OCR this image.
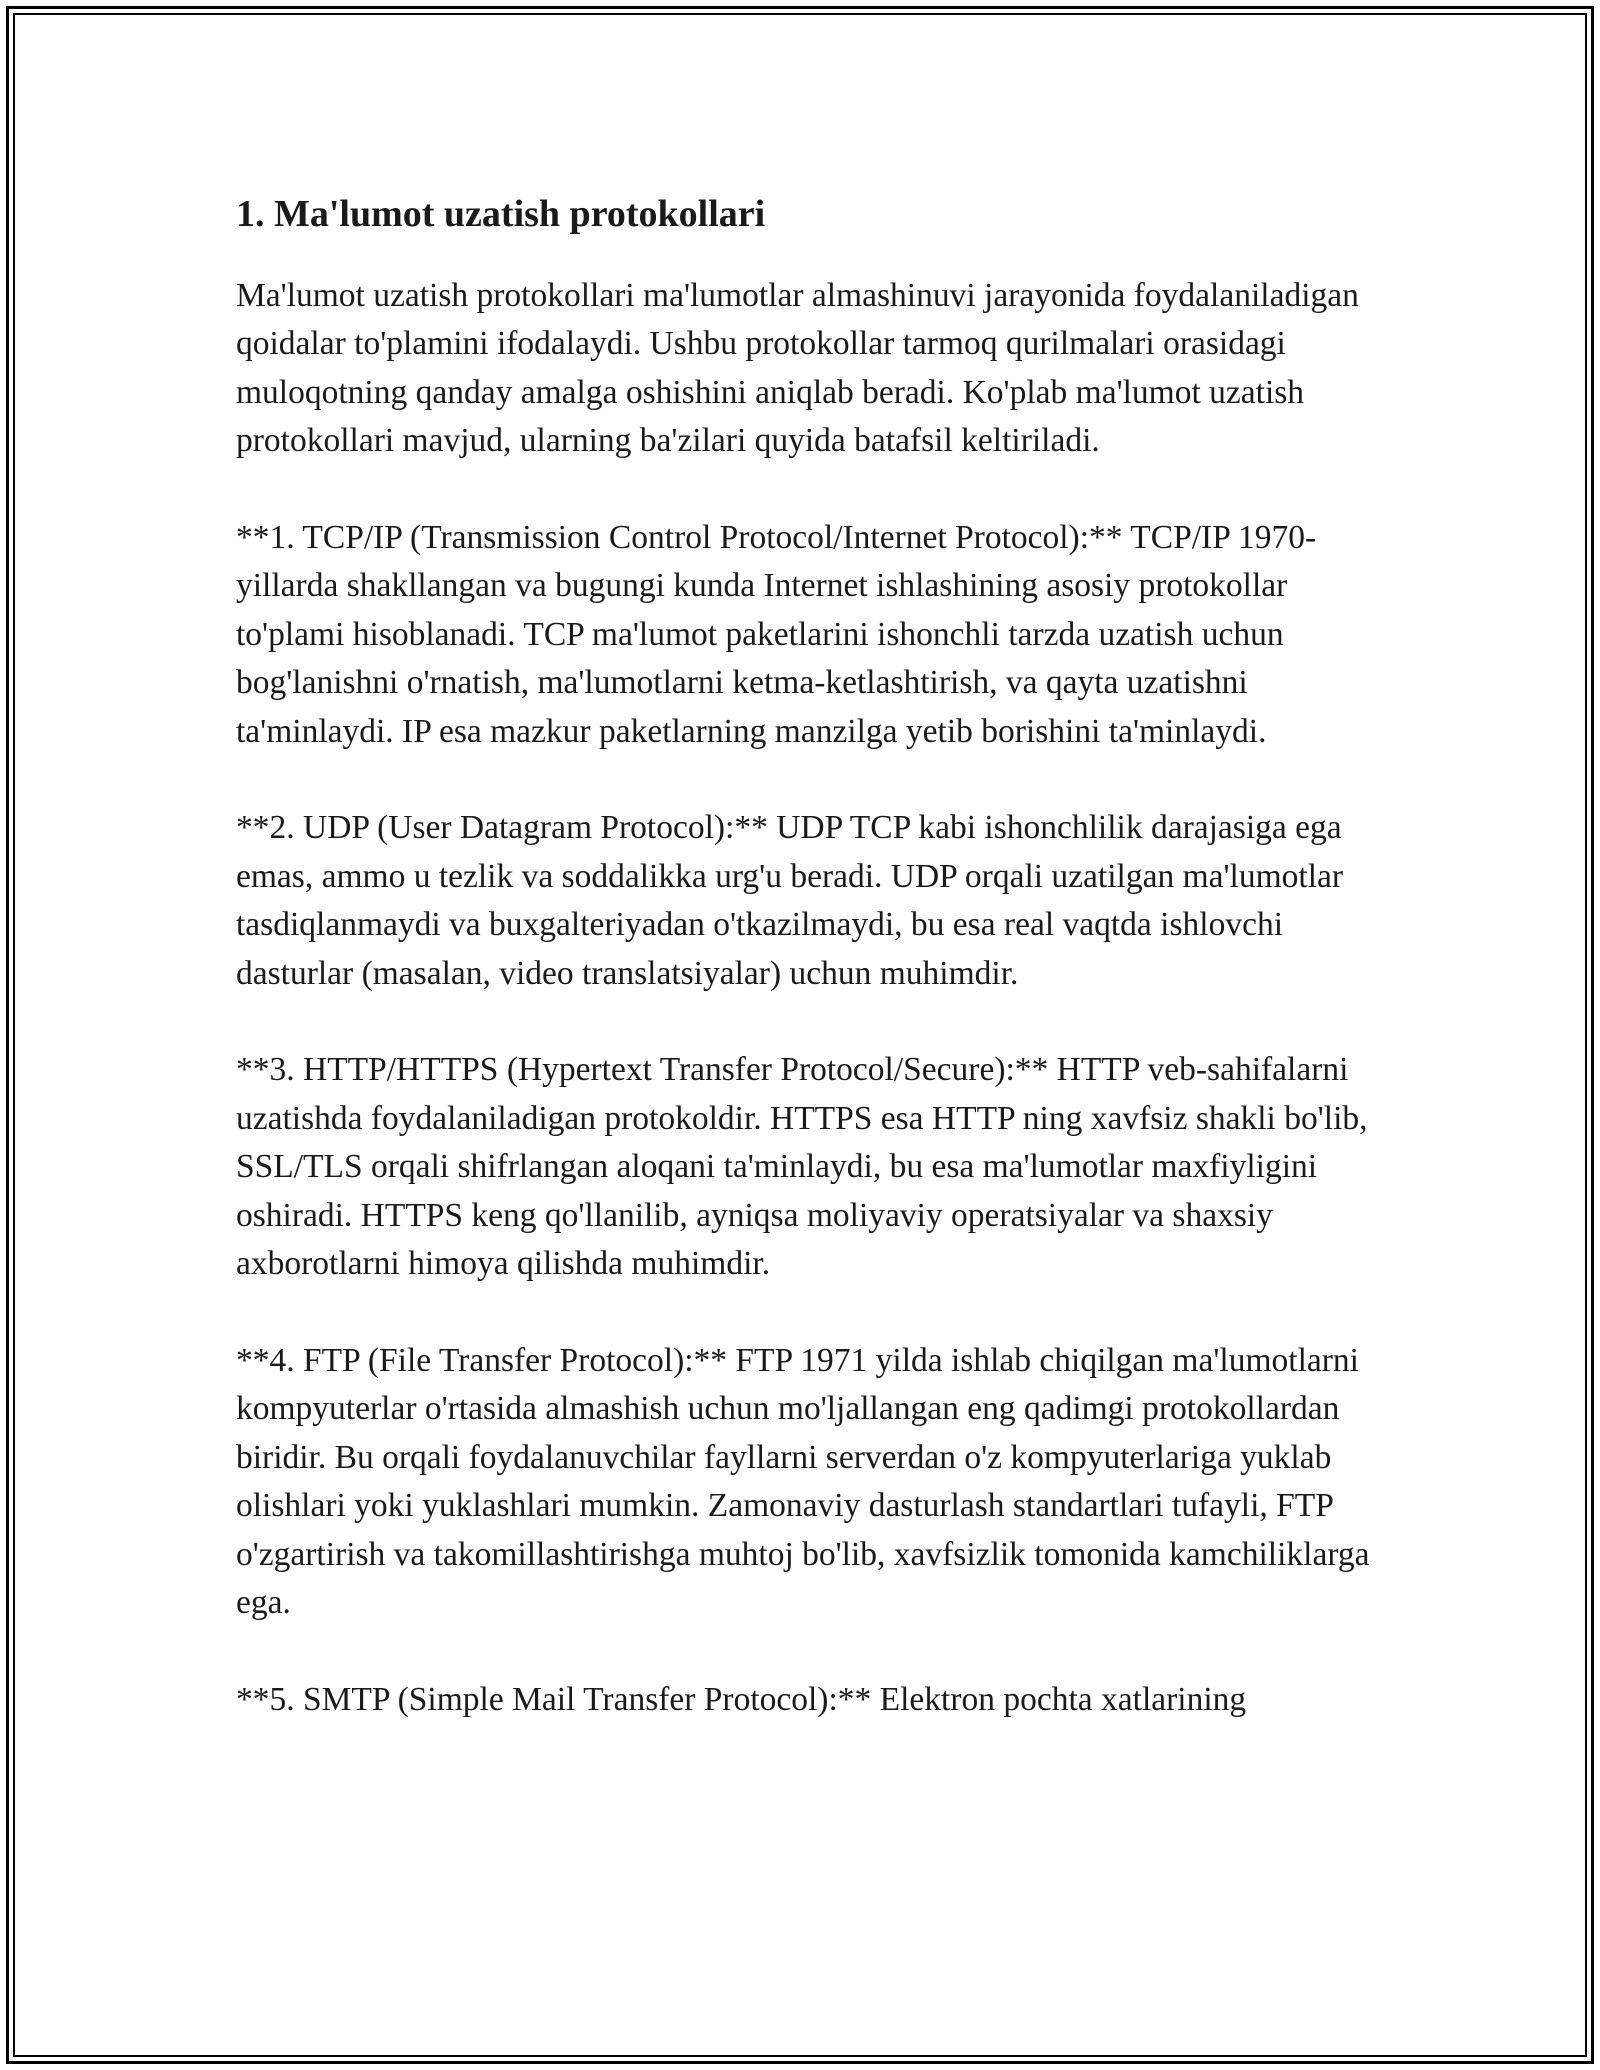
1. Ma'lumot uzatish protokollari

Ma'lumot uzatish protokollari ma'lumotlar almashinuvi jarayonida foydalaniladigan qoidalar to'plamini ifodalaydi. Ushbu protokollar tarmoq qurilmalari orasidagi muloqotning qanday amalga oshishini aniqlab beradi. Ko'plab ma'lumot uzatish protokollari mavjud, ularning ba'zilari quyida batafsil keltiriladi.

**1. TCP/IP (Transmission Control Protocol/Internet Protocol):** TCP/IP 1970-yillarda shakllangan va bugungi kunda Internet ishlashining asosiy protokollar to'plami hisoblanadi. TCP ma'lumot paketlarini ishonchli tarzda uzatish uchun bog'lanishni o'rnatish, ma'lumotlarni ketma-ketlashtirish, va qayta uzatishni ta'minlaydi. IP esa mazkur paketlarning manzilga yetib borishini ta'minlaydi.

**2. UDP (User Datagram Protocol):** UDP TCP kabi ishonchlilik darajasiga ega emas, ammo u tezlik va soddalikka urg'u beradi. UDP orqali uzatilgan ma'lumotlar tasdiqlanmaydi va buxgalteriyadan o'tkazilmaydi, bu esa real vaqtda ishlovchi dasturlar (masalan, video translatsiyalar) uchun muhimdir.

**3. HTTP/HTTPS (Hypertext Transfer Protocol/Secure):** HTTP veb-sahifalarni uzatishda foydalaniladigan protokoldir. HTTPS esa HTTP ning xavfsiz shakli bo'lib, SSL/TLS orqali shifrlangan aloqani ta'minlaydi, bu esa ma'lumotlar maxfiyligini oshiradi. HTTPS keng qo'llanilib, ayniqsa moliyaviy operatsiyalar va shaxsiy axborotlarni himoya qilishda muhimdir.

**4. FTP (File Transfer Protocol):** FTP 1971 yilda ishlab chiqilgan ma'lumotlarni kompyuterlar o'rtasida almashish uchun mo'ljallangan eng qadimgi protokollardan biridir. Bu orqali foydalanuvchilar fayllarni serverdan o'z kompyuterlariga yuklab olishlari yoki yuklashlari mumkin. Zamonaviy dasturlash standartlari tufayli, FTP o'zgartirish va takomillashtirishga muhtoj bo'lib, xavfsizlik tomonida kamchiliklarga ega.

**5. SMTP (Simple Mail Transfer Protocol):** Elektron pochta xatlarining
